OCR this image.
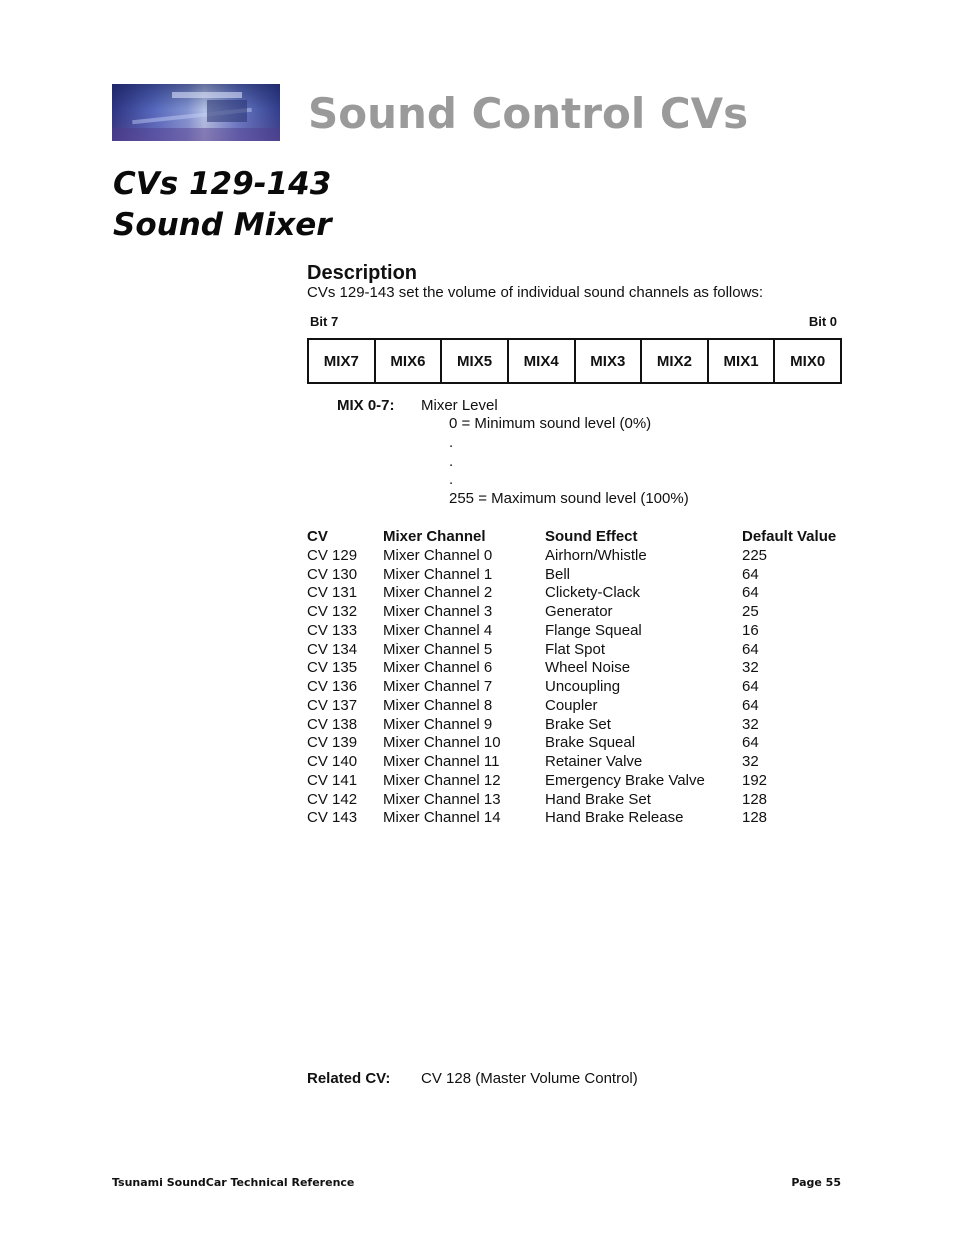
Sound Control CVs
CVs 129-143
Sound Mixer
Description

CVs 129-143 set the volume of individual sound channels as follows:

Bit 7	Bit 0
MIX7	MIX6	MIX5	MIX4	MIX3	MIX2	MIX1	MIX0
MIX 0-7: Mixer Level
0 = Minimum sound level (0%)
.
.
.
255 = Maximum sound level (100%)
CV	Mixer Channel	Sound Effect	Default Value
CV 129	Mixer Channel 0	Airhorn/Whistle	225
CV 130	Mixer Channel 1	Bell	64
CV 131	Mixer Channel 2	Clickety-Clack	64
CV 132	Mixer Channel 3	Generator	25
CV 133	Mixer Channel 4	Flange Squeal	16
CV 134	Mixer Channel 5	Flat Spot	64
CV 135	Mixer Channel 6	Wheel Noise	32
CV 136	Mixer Channel 7	Uncoupling	64
CV 137	Mixer Channel 8	Coupler	64
CV 138	Mixer Channel 9	Brake Set	32
CV 139	Mixer Channel 10	Brake Squeal	64
CV 140	Mixer Channel 11	Retainer Valve	32
CV 141	Mixer Channel 12	Emergency Brake Valve	192
CV 142	Mixer Channel 13	Hand Brake Set	128
CV 143	Mixer Channel 14	Hand Brake Release	128
Related CV: CV 128 (Master Volume Control)
Tsunami SoundCar Technical Reference	Page 55
